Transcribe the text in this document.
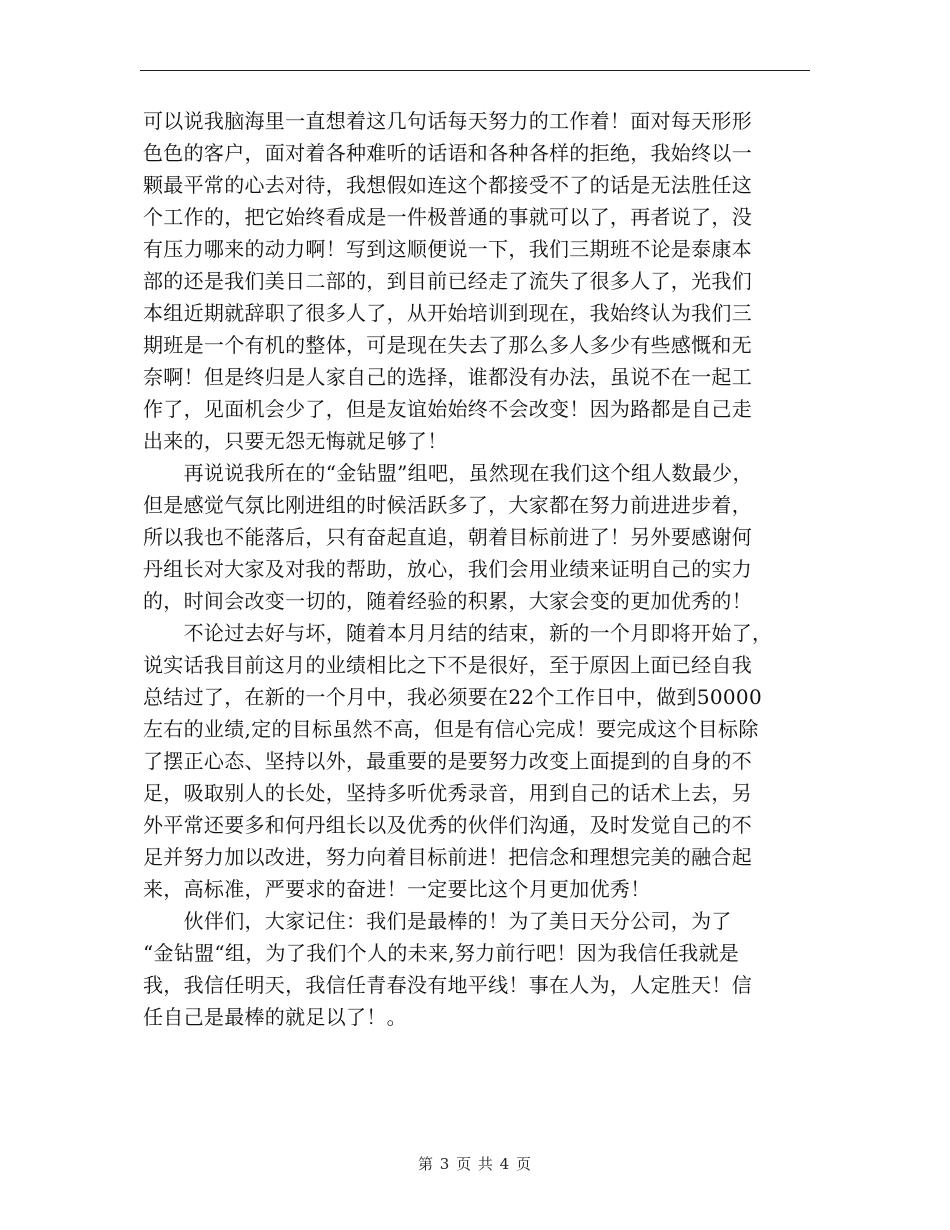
可以说我脑海里一直想着这几句话每天努力的工作着！面对每天形形
色色的客户，面对着各种难听的话语和各种各样的拒绝，我始终以一
颗最平常的心去对待，我想假如连这个都接受不了的话是无法胜任这
个工作的，把它始终看成是一件极普通的事就可以了，再者说了，没
有压力哪来的动力啊！写到这顺便说一下，我们三期班不论是泰康本
部的还是我们美日二部的，到目前已经走了流失了很多人了，光我们
本组近期就辞职了很多人了，从开始培训到现在，我始终认为我们三
期班是一个有机的整体，可是现在失去了那么多人多少有些感慨和无
奈啊！但是终归是人家自己的选择，谁都没有办法，虽说不在一起工
作了，见面机会少了，但是友谊始始终不会改变！因为路都是自己走
出来的，只要无怨无悔就足够了！
　　再说说我所在的“金钻盟”组吧，虽然现在我们这个组人数最少，
但是感觉气氛比刚进组的时候活跃多了，大家都在努力前进进步着，
所以我也不能落后，只有奋起直追，朝着目标前进了！另外要感谢何
丹组长对大家及对我的帮助，放心，我们会用业绩来证明自己的实力
的，时间会改变一切的，随着经验的积累，大家会变的更加优秀的！
　　不论过去好与坏，随着本月月结的结束，新的一个月即将开始了，
说实话我目前这月的业绩相比之下不是很好，至于原因上面已经自我
总结过了，在新的一个月中，我必须要在22个工作日中，做到50000
左右的业绩,定的目标虽然不高，但是有信心完成！要完成这个目标除
了摆正心态、坚持以外，最重要的是要努力改变上面提到的自身的不
足，吸取别人的长处，坚持多听优秀录音，用到自己的话术上去，另
外平常还要多和何丹组长以及优秀的伙伴们沟通，及时发觉自己的不
足并努力加以改进，努力向着目标前进！把信念和理想完美的融合起
来，高标准，严要求的奋进！一定要比这个月更加优秀！
　　伙伴们，大家记住：我们是最棒的！为了美日天分公司，为了
“金钻盟“组，为了我们个人的未来,努力前行吧！因为我信任我就是
我，我信任明天，我信任青春没有地平线！事在人为，人定胜天！信
任自己是最棒的就足以了！。
第 3 页 共 4 页
